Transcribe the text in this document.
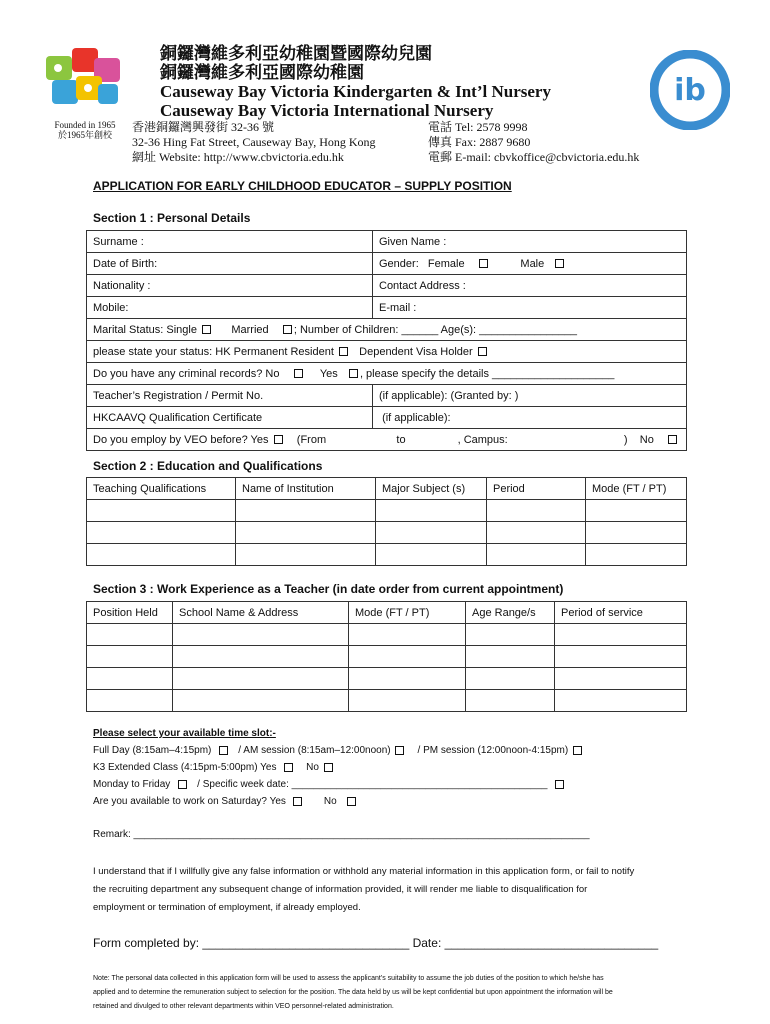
Founded in 1965
於1965年創校
銅鑼灣維多利亞幼稚園暨國際幼兒園
銅鑼灣維多利亞國際幼稚園
Causeway Bay Victoria Kindergarten & Int’l Nursery
Causeway Bay Victoria International Nursery
香港銅鑼灣興發街 32-36 號
32-36 Hing Fat Street, Causeway Bay, Hong Kong
網址 Website: http://www.cbvictoria.edu.hk
電話 Tel: 2578 9998
傳真 Fax: 2887 9680
電郵 E-mail: cbvkoffice@cbvictoria.edu.hk
ib
APPLICATION FOR EARLY CHILDHOOD EDUCATOR – SUPPLY POSITION
Section 1 : Personal Details
Surname :	Given Name :
Date of Birth:	Gender: Female Male
Nationality :	Contact Address :
Mobile:	E-mail :
Marital Status: Single Married ; Number of Children: ______ Age(s): ________________	
please state your status: HK Permanent Resident Dependent Visa Holder	
Do you have any criminal records? No Yes , please specify the details ____________________	
Teacher’s Registration / Permit No.	(if applicable): (Granted by: )
HKCAAVQ Qualification Certificate	(if applicable):
Do you employ by VEO before? Yes (From to , Campus: ) No	
Section 2 : Education and Qualifications
Teaching Qualifications	Name of Institution	Major Subject (s)	Period	Mode (FT / PT)

Section 3 : Work Experience as a Teacher (in date order from current appointment)
Position Held	School Name & Address	Mode (FT / PT)	Age Range/s	Period of service

Please select your available time slot:-
Full Day (8:15am–4:15pm)	/ AM session (8:15am–12:00noon)	/ PM session (12:00noon-4:15pm)
K3 Extended Class (4:15pm-5:00pm) Yes	No
Monday to Friday	/ Specific week date: ______________________________________________
Are you available to work on Saturday? Yes	No
Remark: __________________________________________________________________________________
I understand that if I willfully give any false information or withhold any material information in this application form, or fail to notify
the recruiting department any subsequent change of information provided, it will render me liable to disqualification for
employment or termination of employment, if already employed.
Form completed by: _______________________________ Date: ________________________________
Note: The personal data collected in this application form will be used to assess the applicant’s suitability to assume the job duties of the position to which he/she has
applied and to determine the remuneration subject to selection for the position. The data held by us will be kept confidential but upon appointment the information will be
retained and divulged to other relevant departments within VEO personnel-related administration.
